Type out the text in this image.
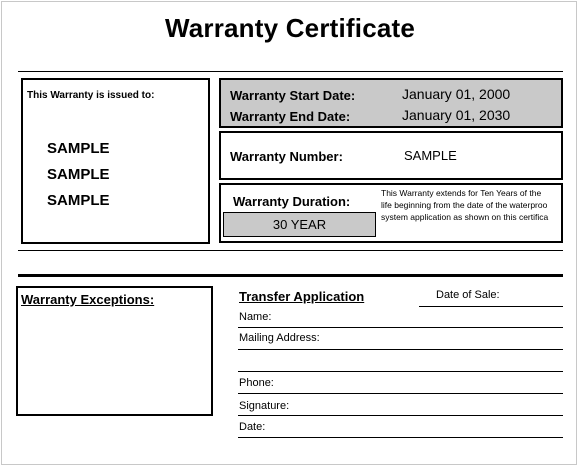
Warranty Certificate
This Warranty is issued to:
SAMPLE
SAMPLE
SAMPLE
Warranty Start Date:	January 01, 2000
Warranty End Date:	January 01, 2030
Warranty Number:	SAMPLE
Warranty Duration:
30 YEAR
This Warranty extends for Ten Years of the
life beginning from the date of the waterproo
system application as shown on this certifica
Warranty Exceptions:	Transfer Application	Date of Sale:
Name:
Mailing Address:
Phone:
Signature:
Date:
